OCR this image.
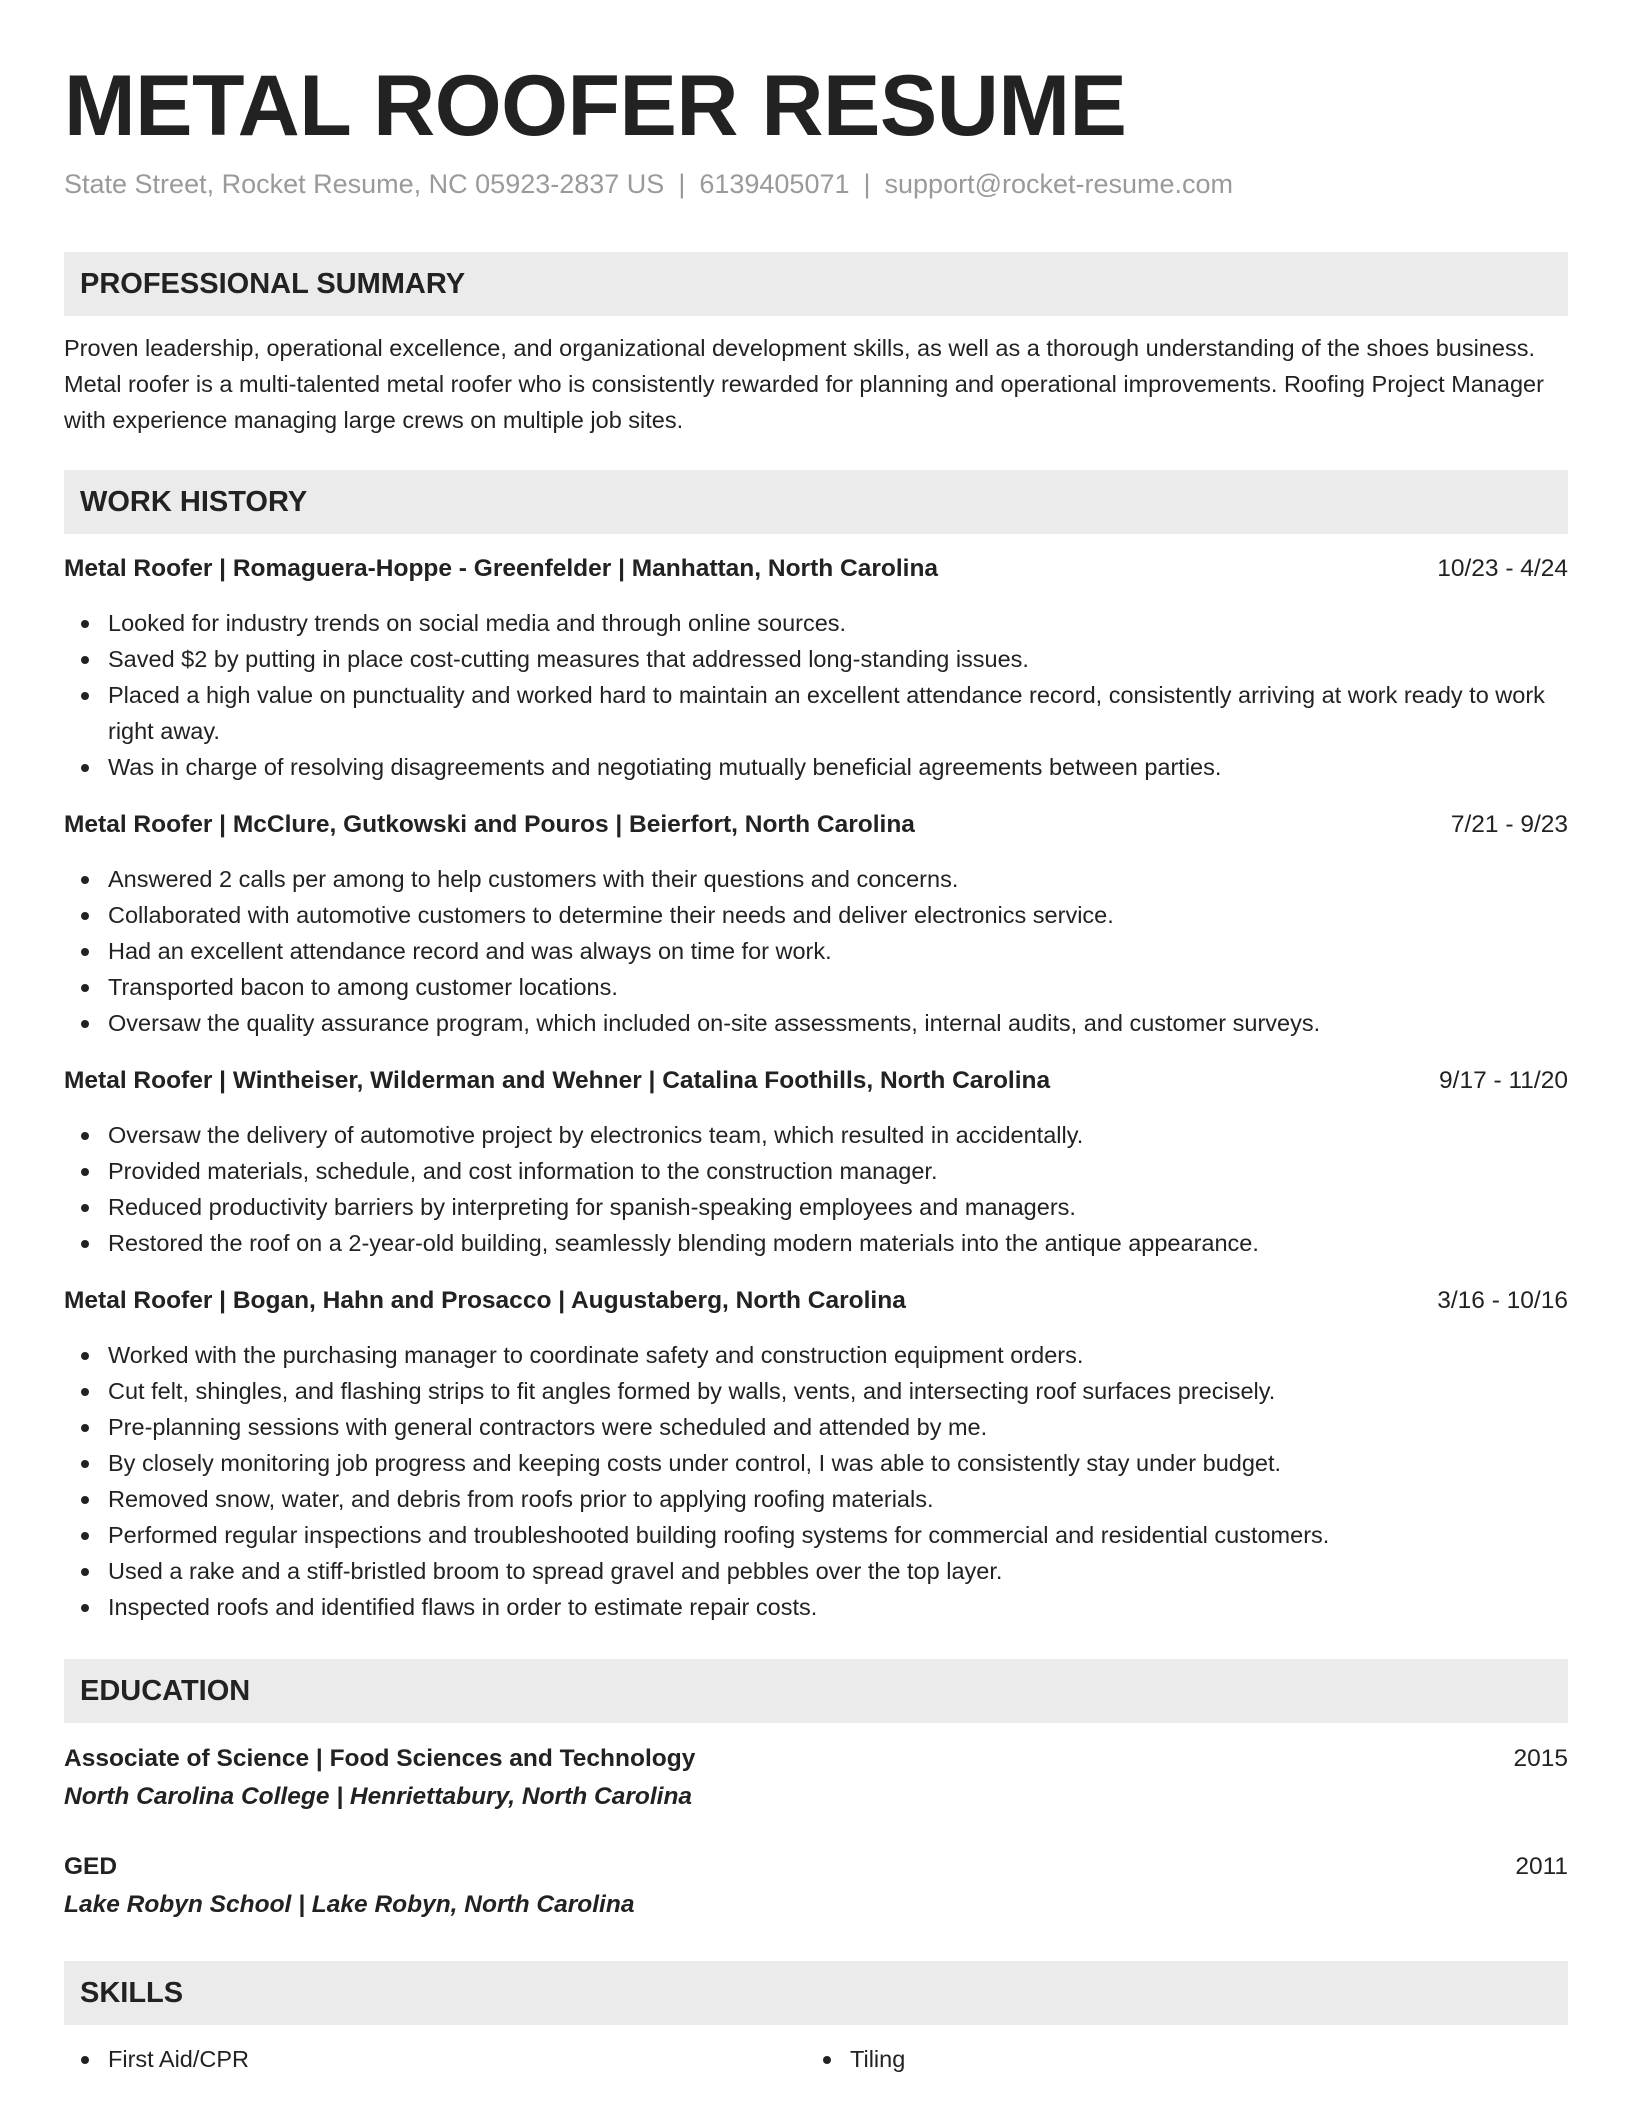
METAL ROOFER RESUME
State Street, Rocket Resume, NC 05923-2837 US | 6139405071 | support@rocket-resume.com
PROFESSIONAL SUMMARY
Proven leadership, operational excellence, and organizational development skills, as well as a thorough understanding of the shoes business. Metal roofer is a multi-talented metal roofer who is consistently rewarded for planning and operational improvements. Roofing Project Manager with experience managing large crews on multiple job sites.
WORK HISTORY
Metal Roofer | Romaguera-Hoppe - Greenfelder | Manhattan, North Carolina	10/23 - 4/24
Looked for industry trends on social media and through online sources.
Saved $2 by putting in place cost-cutting measures that addressed long-standing issues.
Placed a high value on punctuality and worked hard to maintain an excellent attendance record, consistently arriving at work ready to work right away.
Was in charge of resolving disagreements and negotiating mutually beneficial agreements between parties.
Metal Roofer | McClure, Gutkowski and Pouros | Beierfort, North Carolina	7/21 - 9/23
Answered 2 calls per among to help customers with their questions and concerns.
Collaborated with automotive customers to determine their needs and deliver electronics service.
Had an excellent attendance record and was always on time for work.
Transported bacon to among customer locations.
Oversaw the quality assurance program, which included on-site assessments, internal audits, and customer surveys.
Metal Roofer | Wintheiser, Wilderman and Wehner | Catalina Foothills, North Carolina	9/17 - 11/20
Oversaw the delivery of automotive project by electronics team, which resulted in accidentally.
Provided materials, schedule, and cost information to the construction manager.
Reduced productivity barriers by interpreting for spanish-speaking employees and managers.
Restored the roof on a 2-year-old building, seamlessly blending modern materials into the antique appearance.
Metal Roofer | Bogan, Hahn and Prosacco | Augustaberg, North Carolina	3/16 - 10/16
Worked with the purchasing manager to coordinate safety and construction equipment orders.
Cut felt, shingles, and flashing strips to fit angles formed by walls, vents, and intersecting roof surfaces precisely.
Pre-planning sessions with general contractors were scheduled and attended by me.
By closely monitoring job progress and keeping costs under control, I was able to consistently stay under budget.
Removed snow, water, and debris from roofs prior to applying roofing materials.
Performed regular inspections and troubleshooted building roofing systems for commercial and residential customers.
Used a rake and a stiff-bristled broom to spread gravel and pebbles over the top layer.
Inspected roofs and identified flaws in order to estimate repair costs.
EDUCATION
Associate of Science | Food Sciences and Technology	2015
North Carolina College | Henriettabury, North Carolina
GED	2011
Lake Robyn School | Lake Robyn, North Carolina
SKILLS
First Aid/CPR	Tiling
